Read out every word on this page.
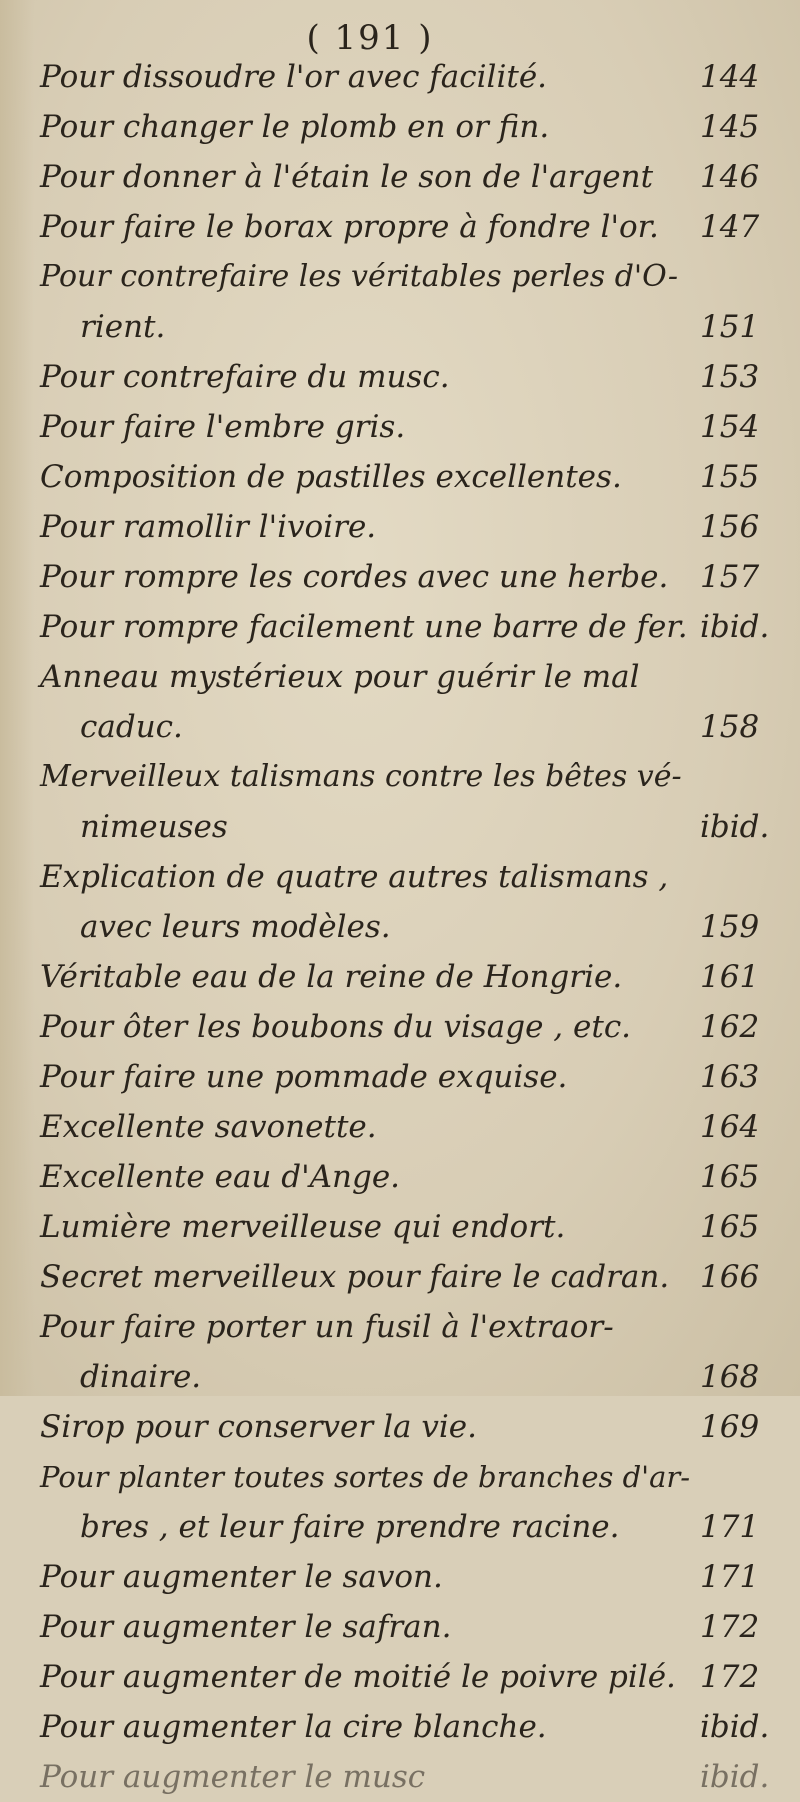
( 191 )
Pour dissoudre l'or avec facilité.	144
Pour changer le plomb en or fin.	145
Pour donner à l'étain le son de l'argent 146
Pour faire le borax propre à fondre l'or. 147
Pour contrefaire les véritables perles d'O-
rient.	151
Pour contrefaire du musc.	153
Pour faire l'embre gris.	154
Composition de pastilles excellentes.	155
Pour ramollir l'ivoire.	156
Pour rompre les cordes avec une herbe. 157
Pour rompre facilement une barre de fer. ibid.
Anneau mystérieux pour guérir le mal
caduc.	158
Merveilleux talismans contre les bêtes vé-
nimeuses	ibid.
Explication de quatre autres talismans ,
avec leurs modèles.	159
Véritable eau de la reine de Hongrie.	161
Pour ôter les boubons du visage , etc. 162
Pour faire une pommade exquise.	163
Excellente savonette.	164
Excellente eau d'Ange.	165
Lumière merveilleuse qui endort.	165
Secret merveilleux pour faire le cadran. 166
Pour faire porter un fusil à l'extraor-
dinaire.	168
Sirop pour conserver la vie.	169
Pour planter toutes sortes de branches d'ar-
bres , et leur faire prendre racine.	171
Pour augmenter le savon.	171
Pour augmenter le safran.	172
Pour augmenter de moitié le poivre pilé. 172
Pour augmenter la cire blanche.	ibid.
Pour augmenter le musc	ibid.
